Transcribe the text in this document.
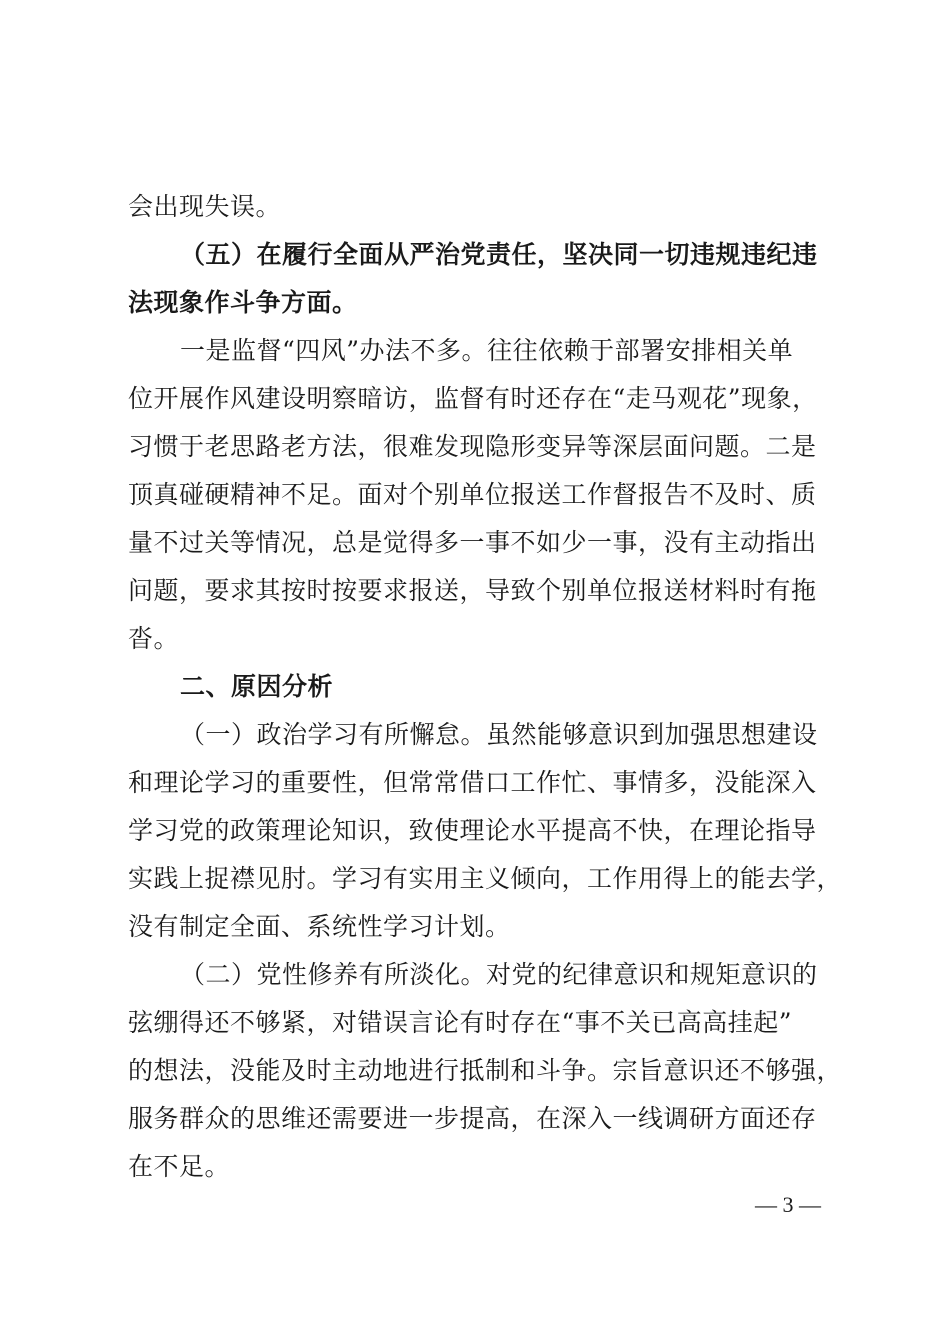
会出现失误。
（五）在履行全面从严治党责任，坚决同一切违规违纪违
法现象作斗争方面。
一是监督“四风”办法不多。往往依赖于部署安排相关单
位开展作风建设明察暗访，监督有时还存在“走马观花”现象，
习惯于老思路老方法，很难发现隐形变异等深层面问题。二是
顶真碰硬精神不足。面对个别单位报送工作督报告不及时、质
量不过关等情况，总是觉得多一事不如少一事，没有主动指出
问题，要求其按时按要求报送，导致个别单位报送材料时有拖
沓。
二、原因分析
（一）政治学习有所懈怠。虽然能够意识到加强思想建设
和理论学习的重要性，但常常借口工作忙、事情多，没能深入
学习党的政策理论知识，致使理论水平提高不快，在理论指导
实践上捉襟见肘。学习有实用主义倾向，工作用得上的能去学，
没有制定全面、系统性学习计划。
（二）党性修养有所淡化。对党的纪律意识和规矩意识的
弦绷得还不够紧，对错误言论有时存在“事不关已高高挂起”
的想法，没能及时主动地进行抵制和斗争。宗旨意识还不够强，
服务群众的思维还需要进一步提高，在深入一线调研方面还存
在不足。
— 3 —
